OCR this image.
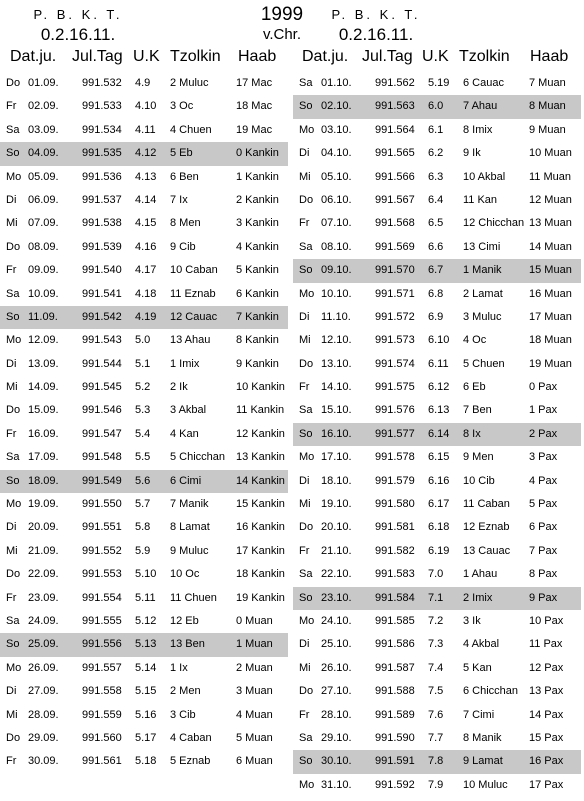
P. B. K. T.
0.2.16.11.
1999
v.Chr.
P. B. K. T.
0.2.16.11.
Dat.ju. Jul.Tag U.K Tzolkin Haab Dat.ju. Jul.Tag U.K Tzolkin Haab
Do 01.09. 991.532 4.9 2 Muluc 17 Mac
Fr 02.09. 991.533 4.10 3 Oc	18 Mac
Sa 03.09. 991.534 4.11 4 Chuen 19 Mac
So 04.09. 991.535 4.12 5 Eb	0 Kankin
Mo 05.09. 991.536 4.13 6 Ben	1 Kankin
Di 06.09. 991.537 4.14 7 Ix	2 Kankin
Mi 07.09. 991.538 4.15 8 Men	3 Kankin
Do 08.09. 991.539 4.16 9 Cib	4 Kankin
Fr 09.09. 991.540 4.17 10 Caban 5 Kankin
Sa 10.09. 991.541 4.18 11 Eznab 6 Kankin
So 11.09. 991.542 4.19 12 Cauac 7 Kankin
Mo 12.09. 991.543 5.0 13 Ahau 8 Kankin
Di 13.09. 991.544 5.1 1 Imix	9 Kankin
Mi 14.09. 991.545 5.2 2 Ik	10 Kankin
Do 15.09. 991.546 5.3 3 Akbal	11 Kankin
Fr 16.09. 991.547 5.4 4 Kan	12 Kankin
Sa 17.09. 991.548 5.5 5 Chicchan 13 Kankin
So 18.09. 991.549 5.6 6 Cimi	14 Kankin
Mo 19.09. 991.550 5.7 7 Manik 15 Kankin
Di 20.09. 991.551 5.8 8 Lamat 16 Kankin
Mi 21.09. 991.552 5.9 9 Muluc 17 Kankin
Do 22.09. 991.553 5.10 10 Oc	18 Kankin
Fr 23.09. 991.554 5.11 11 Chuen 19 Kankin
Sa 24.09. 991.555 5.12 12 Eb	0 Muan
So 25.09. 991.556 5.13 13 Ben	1 Muan
Mo 26.09. 991.557 5.14 1 Ix	2 Muan
Di 27.09. 991.558 5.15 2 Men	3 Muan
Mi 28.09. 991.559 5.16 3 Cib	4 Muan
Do 29.09. 991.560 5.17 4 Caban 5 Muan
Fr 30.09. 991.561 5.18 5 Eznab 6 Muan
Sa 01.10. 991.562 5.19 6 Cauac 7 Muan
So 02.10. 991.563 6.0 7 Ahau	8 Muan
Mo 03.10. 991.564 6.1 8 Imix	9 Muan
Di 04.10. 991.565 6.2 9 Ik	10 Muan
Mi 05.10. 991.566 6.3 10 Akbal 11 Muan
Do 06.10. 991.567 6.4 11 Kan	12 Muan
Fr 07.10. 991.568 6.5 12 Chicchan 13 Muan
Sa 08.10. 991.569 6.6 13 Cimi	14 Muan
So 09.10. 991.570 6.7 1 Manik 15 Muan
Mo 10.10. 991.571 6.8 2 Lamat 16 Muan
Di 11.10. 991.572 6.9 3 Muluc 17 Muan
Mi 12.10. 991.573 6.10 4 Oc	18 Muan
Do 13.10. 991.574 6.11 5 Chuen 19 Muan
Fr 14.10. 991.575 6.12 6 Eb	0 Pax
Sa 15.10. 991.576 6.13 7 Ben	1 Pax
So 16.10. 991.577 6.14 8 Ix	2 Pax
Mo 17.10. 991.578 6.15 9 Men	3 Pax
Di 18.10. 991.579 6.16 10 Cib	4 Pax
Mi 19.10. 991.580 6.17 11 Caban 5 Pax
Do 20.10. 991.581 6.18 12 Eznab 6 Pax
Fr 21.10. 991.582 6.19 13 Cauac 7 Pax
Sa 22.10. 991.583 7.0 1 Ahau	8 Pax
So 23.10. 991.584 7.1 2 Imix	9 Pax
Mo 24.10. 991.585 7.2 3 Ik	10 Pax
Di 25.10. 991.586 7.3 4 Akbal	11 Pax
Mi 26.10. 991.587 7.4 5 Kan	12 Pax
Do 27.10. 991.588 7.5 6 Chicchan 13 Pax
Fr 28.10. 991.589 7.6 7 Cimi	14 Pax
Sa 29.10. 991.590 7.7 8 Manik 15 Pax
So 30.10. 991.591 7.8 9 Lamat 16 Pax
Mo 31.10. 991.592 7.9 10 Muluc 17 Pax
